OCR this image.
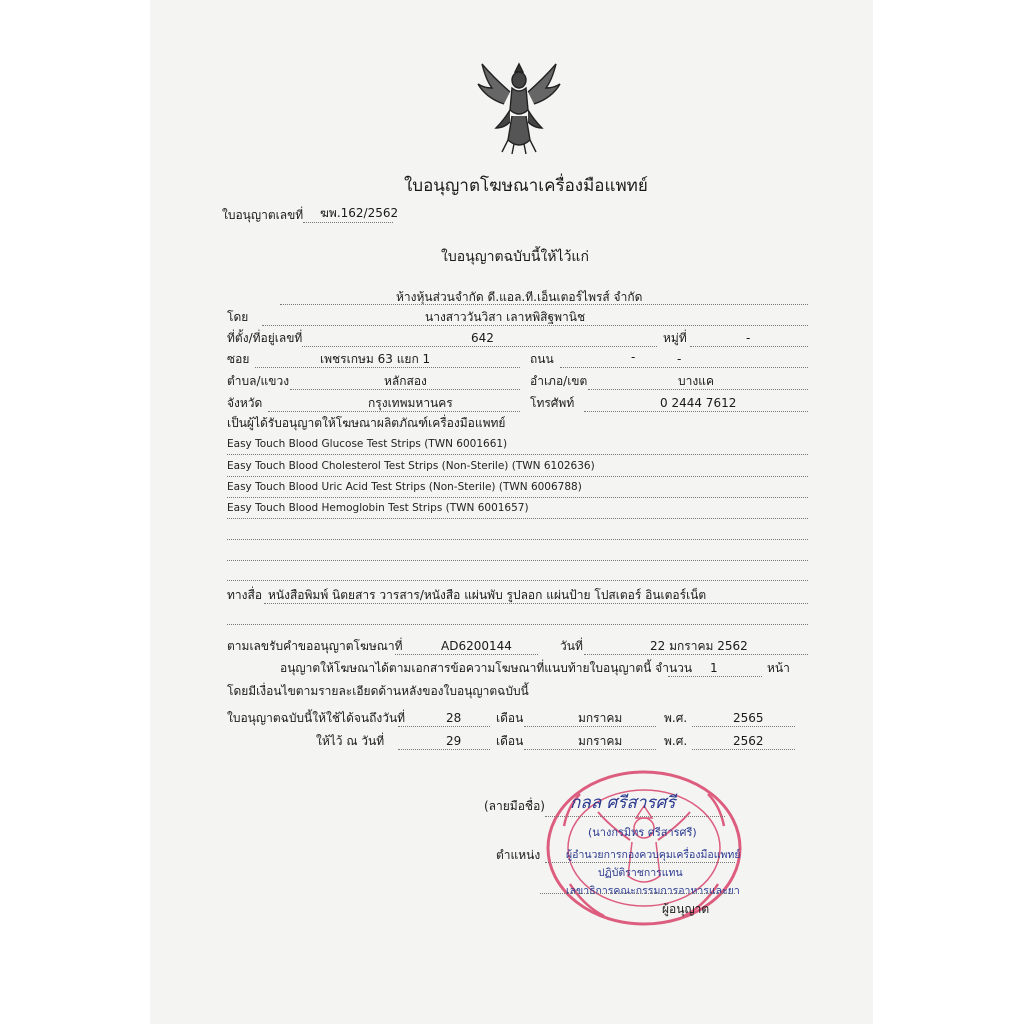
ใบอนุญาตโฆษณาเครื่องมือแพทย์
ใบอนุญาตเลขที่ ฆพ.162/2562
ใบอนุญาตฉบับนี้ให้ไว้แก่
ห้างหุ้นส่วนจำกัด ดี.แอล.ที.เอ็นเตอร์ไพรส์ จำกัด
โดย	นางสาววันวิสา เลาหพิสิฐพานิช
ที่ตั้ง/ที่อยู่เลขที่	642	หมู่ที่	-
ซอย	เพชรเกษม 63 แยก 1	ถนน	-	-
ตำบล/แขวง	หลักสอง	อำเภอ/เขต	บางแค
จังหวัด	กรุงเทพมหานคร	โทรศัพท์	0 2444 7612
เป็นผู้ได้รับอนุญาตให้โฆษณาผลิตภัณฑ์เครื่องมือแพทย์
Easy Touch Blood Glucose Test Strips (TWN 6001661)
Easy Touch Blood Cholesterol Test Strips (Non-Sterile) (TWN 6102636)
Easy Touch Blood Uric Acid Test Strips (Non-Sterile) (TWN 6006788)
Easy Touch Blood Hemoglobin Test Strips (TWN 6001657)
ทางสื่อ หนังสือพิมพ์ นิตยสาร วารสาร/หนังสือ แผ่นพับ รูปลอก แผ่นป้าย โปสเตอร์ อินเตอร์เน็ต
ตามเลขรับคำขออนุญาตโฆษณาที่	AD6200144	วันที่	22 มกราคม 2562
อนุญาตให้โฆษณาได้ตามเอกสารข้อความโฆษณาที่แนบท้ายใบอนุญาตนี้ จำนวน 1	หน้า
โดยมีเงื่อนไขตามรายละเอียดด้านหลังของใบอนุญาตฉบับนี้
ใบอนุญาตฉบับนี้ให้ใช้ได้จนถึงวันที่	28	เดือน	มกราคม	พ.ศ.	2565
ให้ไว้ ณ วันที่	29	เดือน	มกราคม	พ.ศ.	2562
(ลายมือชื่อ) กลล ศรีสารศรี
(นางกรมิทร ศรีสารศรี)
ตำแหน่ง ผู้อำนวยการกองควบคุมเครื่องมือแพทย์
ปฏิบัติราชการแทน
เลขาธิการคณะกรรมการอาหารและยา
ผู้อนุญาต
